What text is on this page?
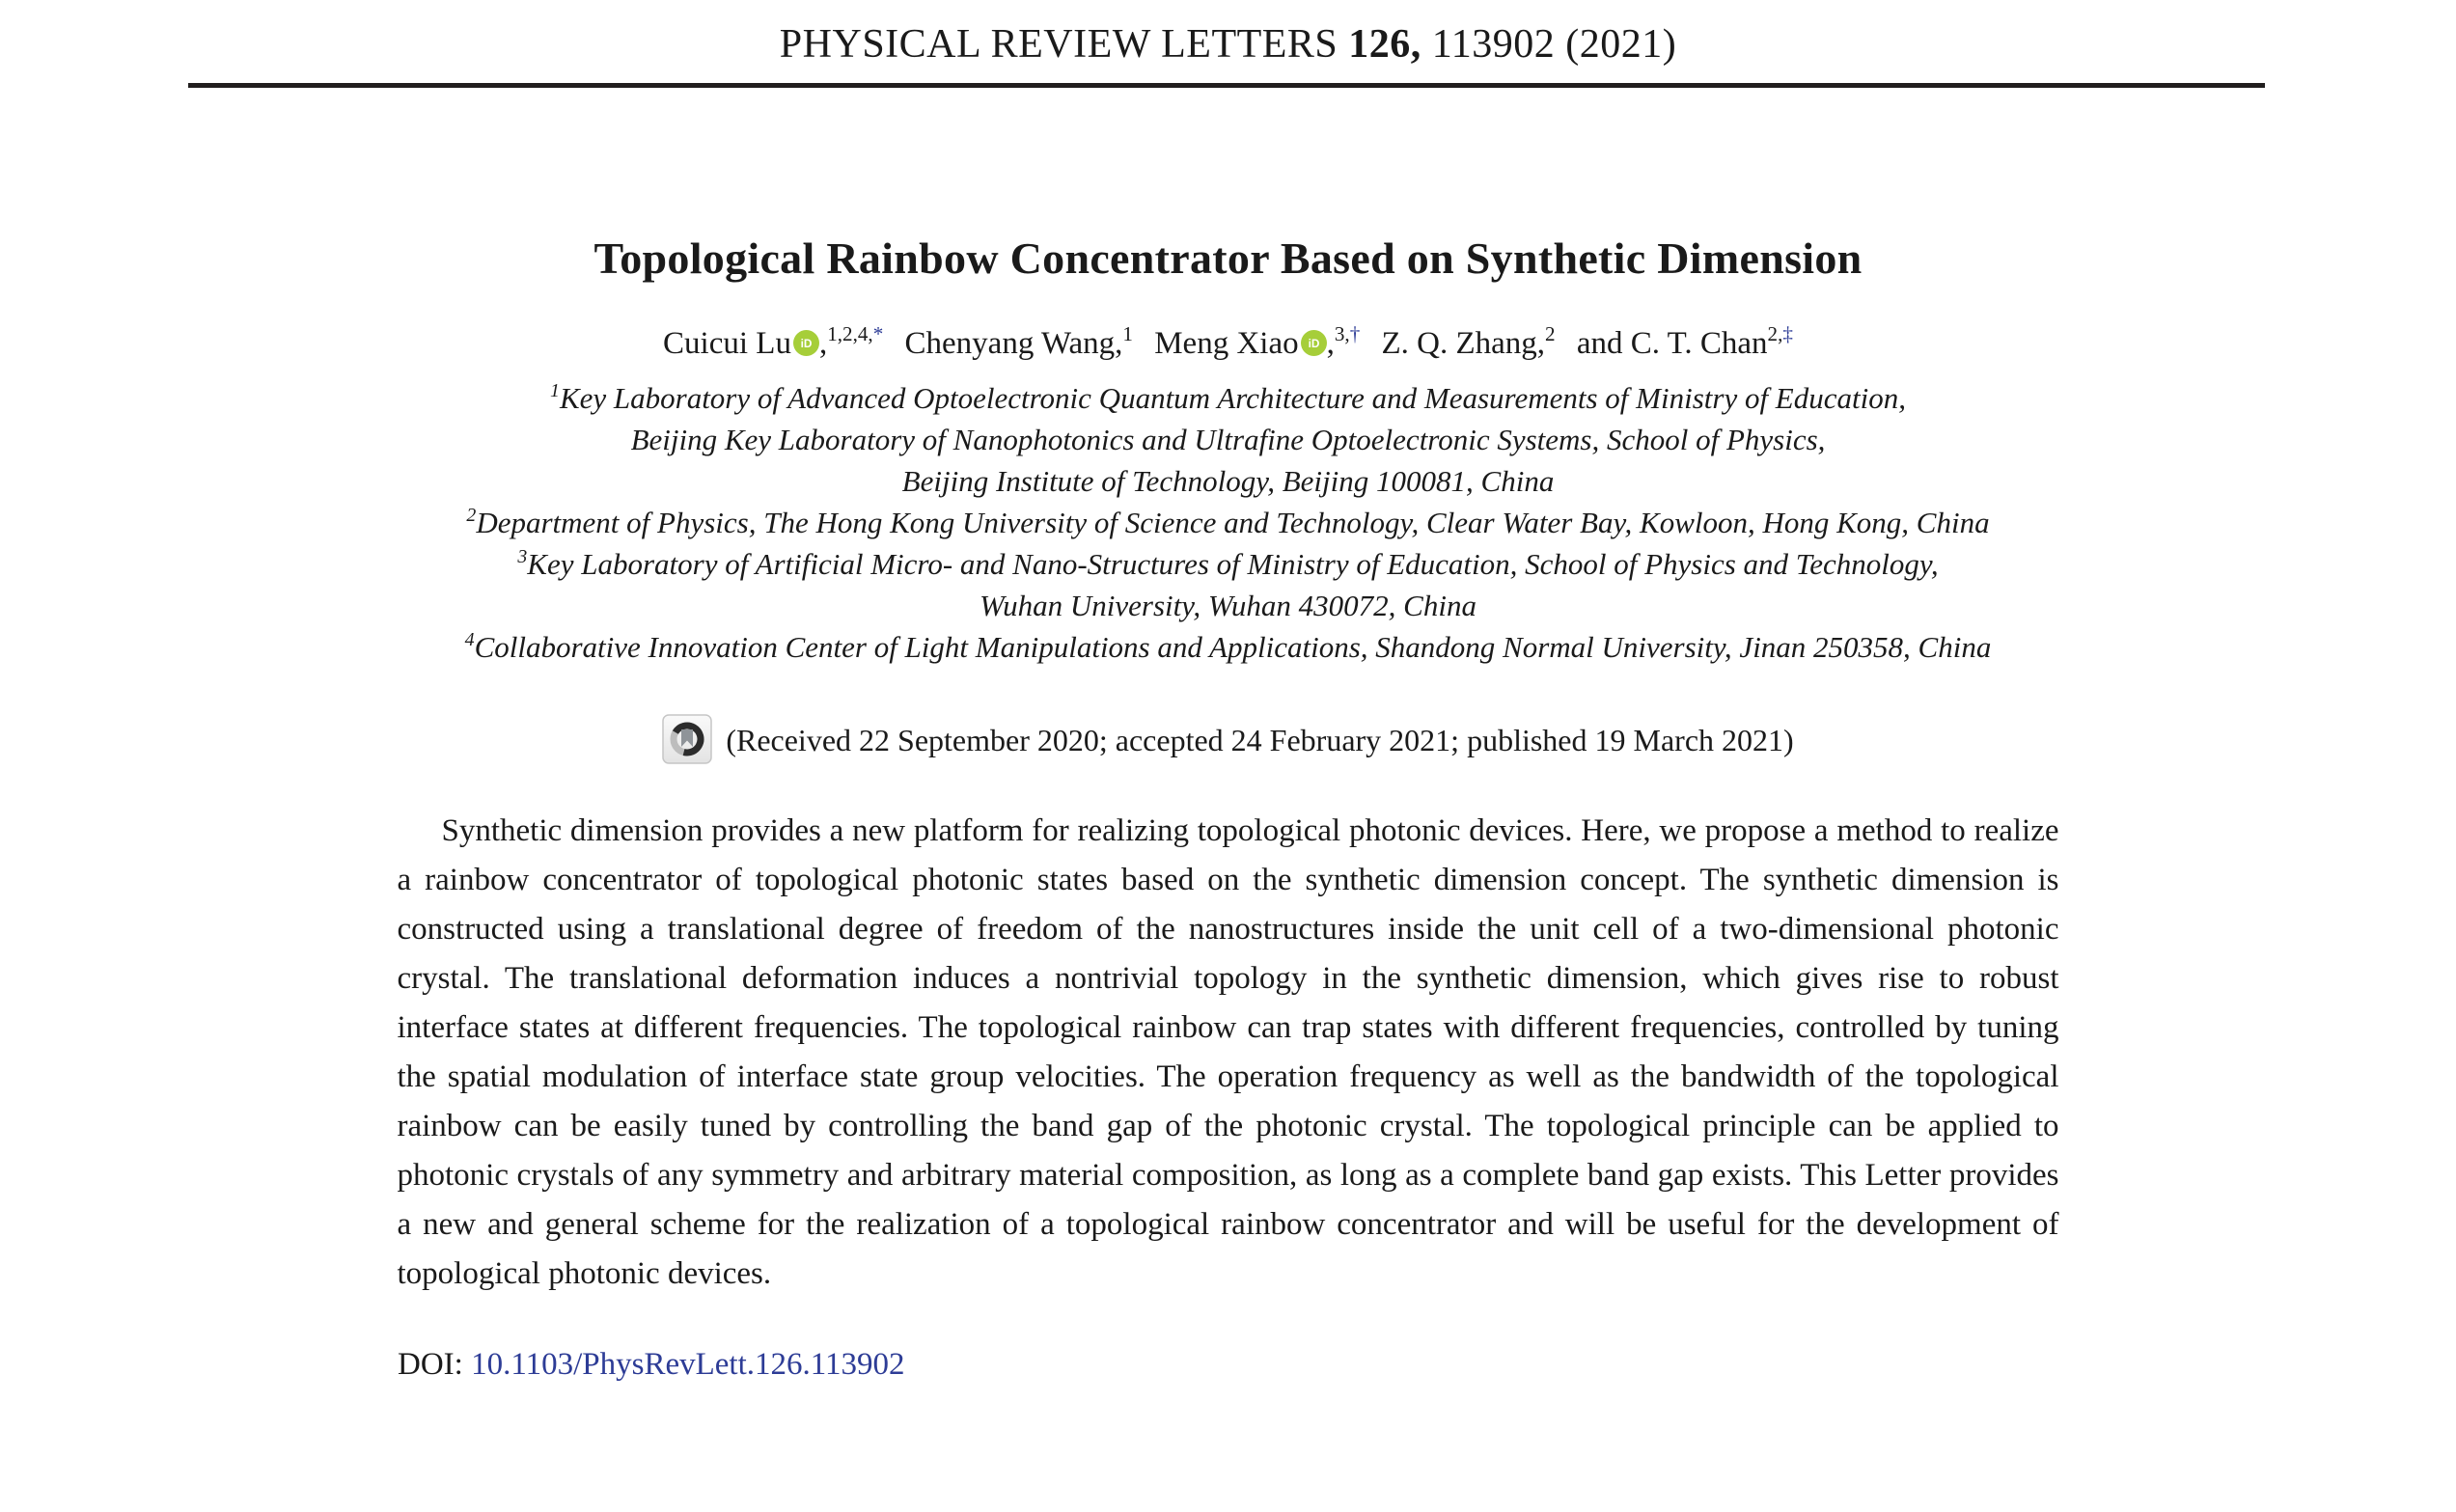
PHYSICAL REVIEW LETTERS 126, 113902 (2021)
Topological Rainbow Concentrator Based on Synthetic Dimension
Cuicui Lu iD ,1,2,4,* Chenyang Wang,1 Meng Xiao iD ,3,† Z. Q. Zhang,2 and C. T. Chan2,‡
1Key Laboratory of Advanced Optoelectronic Quantum Architecture and Measurements of Ministry of Education,
Beijing Key Laboratory of Nanophotonics and Ultrafine Optoelectronic Systems, School of Physics,
Beijing Institute of Technology, Beijing 100081, China
2Department of Physics, The Hong Kong University of Science and Technology, Clear Water Bay, Kowloon, Hong Kong, China
3Key Laboratory of Artificial Micro- and Nano-Structures of Ministry of Education, School of Physics and Technology,
Wuhan University, Wuhan 430072, China
4Collaborative Innovation Center of Light Manipulations and Applications, Shandong Normal University, Jinan 250358, China
(Received 22 September 2020; accepted 24 February 2021; published 19 March 2021)

Synthetic dimension provides a new platform for realizing topological photonic devices. Here, we propose a method to realize a rainbow concentrator of topological photonic states based on the synthetic dimension concept. The synthetic dimension is constructed using a translational degree of freedom of the nanostructures inside the unit cell of a two-dimensional photonic crystal. The translational deformation induces a nontrivial topology in the synthetic dimension, which gives rise to robust interface states at different frequencies. The topological rainbow can trap states with different frequencies, controlled by tuning the spatial modulation of interface state group velocities. The operation frequency as well as the bandwidth of the topological rainbow can be easily tuned by controlling the band gap of the photonic crystal. The topological principle can be applied to photonic crystals of any symmetry and arbitrary material composition, as long as a complete band gap exists. This Letter provides a new and general scheme for the realization of a topological rainbow concentrator and will be useful for the development of topological photonic devices.

DOI: 10.1103/PhysRevLett.126.113902
